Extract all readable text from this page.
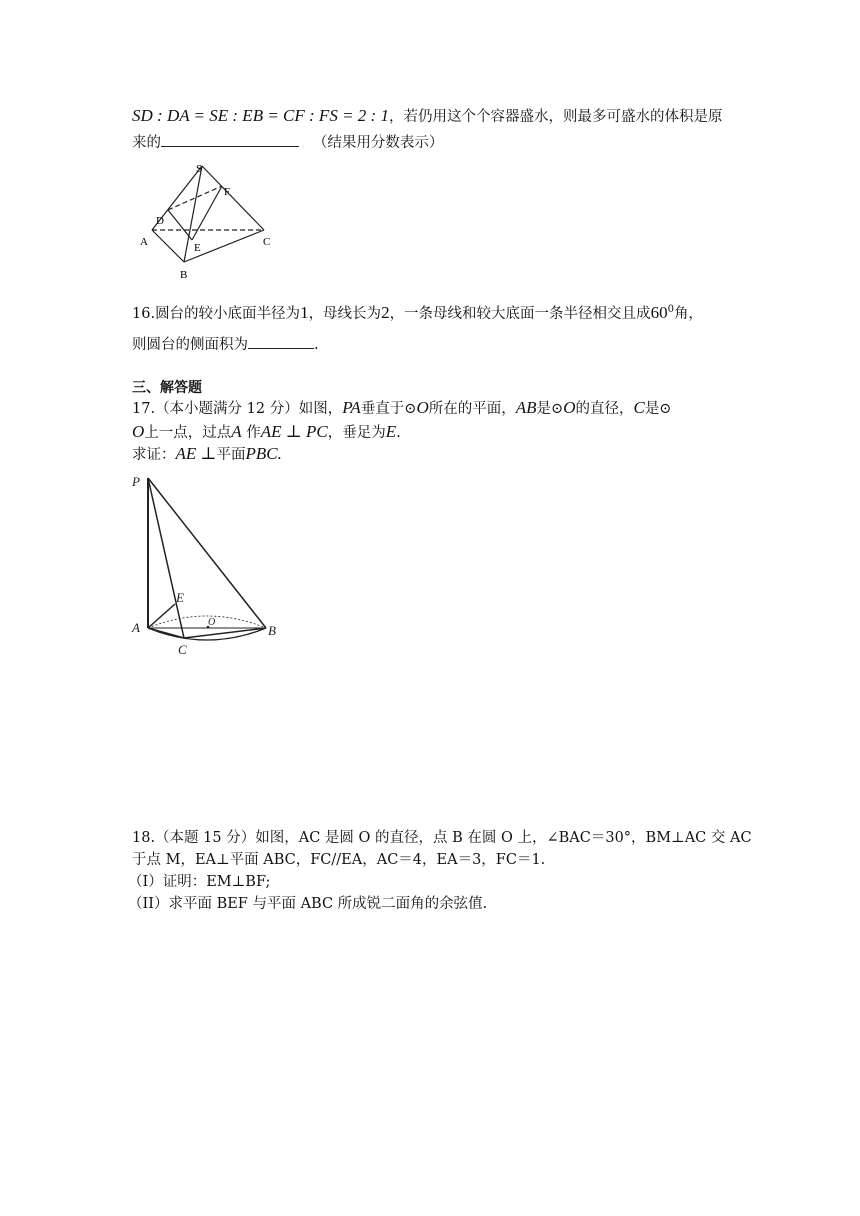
SD : DA = SE : EB = CF : FS = 2 : 1，若仍用这个个容器盛水，则最多可盛水的体积是原
来的	（结果用分数表示）
S
F
D
A	E	C
B
16.圆台的较小底面半径为1，母线长为2，一条母线和较大底面一条半径相交且成$60^0$角，
则圆台的侧面积为	.
三、解答题
17.（本小题满分 12 分）如图，PA垂直于⊙O所在的平面，AB是⊙O的直径，C是⊙
O上一点，过点A 作AE ⊥ PC，垂足为E.
求证：AE ⊥平面PBC.
P
E
O
A	B
C
18.（本题 15 分）如图，AC 是圆 O 的直径，点 B 在圆 O 上，∠BAC＝30°，BM⊥AC 交 AC
于点 M，EA⊥平面 ABC，FC//EA，AC＝4，EA＝3，FC＝1.
（I）证明：EM⊥BF;
（II）求平面 BEF 与平面 ABC 所成锐二面角的余弦值.
